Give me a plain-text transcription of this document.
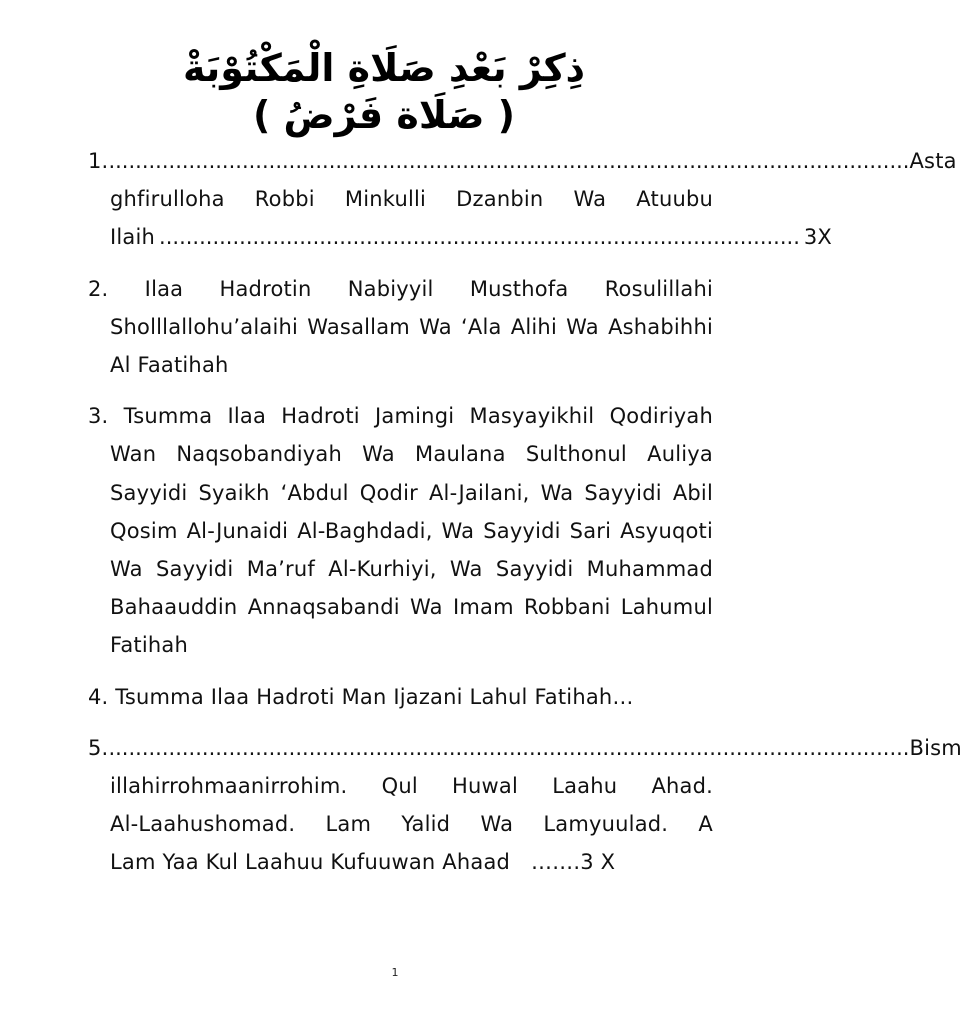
ذِكِرْ بَعْدِ صَلَاةِ الْمَكْتُوْبَةْ
( صَلَاة فَرْضُ )
1. ........................................................................................................................ Asta
ghfirulloha Robbi Minkulli Dzanbin Wa Atuubu
Ilaih ................................................................................................ 3X

2. Ilaa Hadrotin Nabiyyil Musthofa Rosulillahi Sholllallohu’alaihi Wasallam Wa ‘Ala Alihi Wa Ashabihhi Al Faatihah

3. Tsumma Ilaa Hadroti Jamingi Masyayikhil Qodiriyah Wan Naqsobandiyah Wa Maulana Sulthonul Auliya Sayyidi Syaikh ‘Abdul Qodir Al-Jailani, Wa Sayyidi Abil Qosim Al-Junaidi Al-Baghdadi, Wa Sayyidi Sari Asyuqoti Wa Sayyidi Ma’ruf Al-Kurhiyi, Wa Sayyidi Muhammad Bahaauddin Annaqsabandi Wa Imam Robbani Lahumul Fatihah

4. Tsumma Ilaa Hadroti Man Ijazani Lahul Fatihah…

5. ........................................................................................................................ Bism
illahirrohmaanirrohim. Qul Huwal Laahu Ahad.
Al-Laahushomad. Lam Yalid Wa Lamyuulad. A
Lam Yaa Kul Laahuu Kufuuwan Ahaad …….3 X
1
